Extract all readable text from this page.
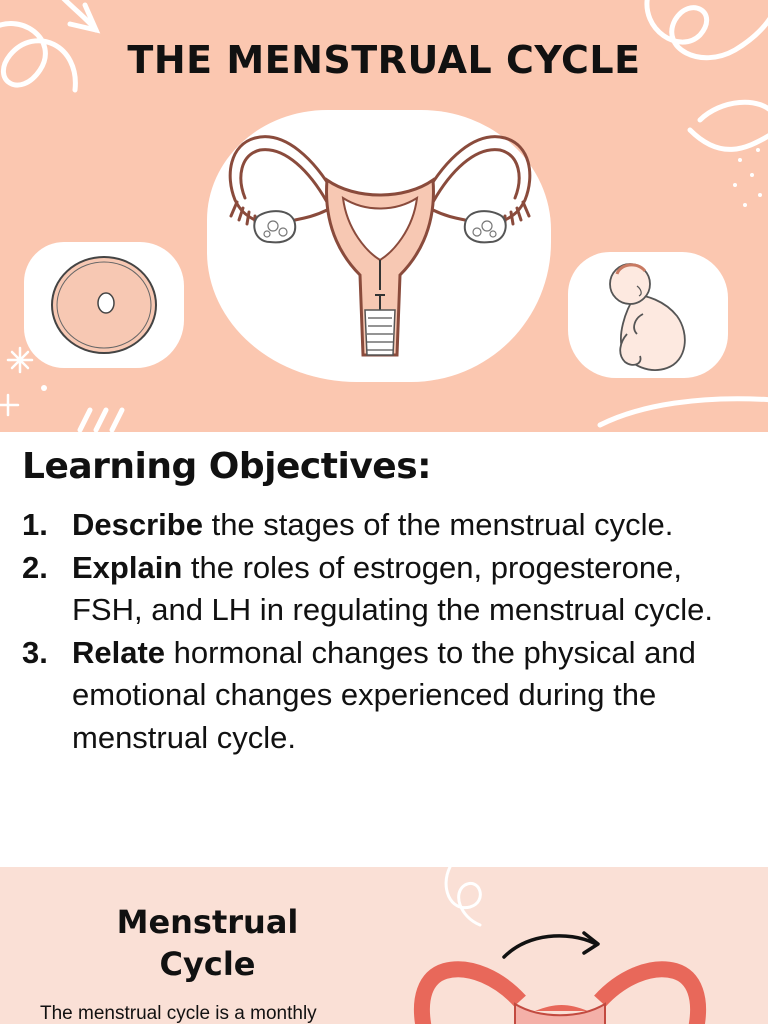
THE MENSTRUAL CYCLE
Learning Objectives:
1. Describe the stages of the menstrual cycle.
2. Explain the roles of estrogen, progesterone, FSH, and LH in regulating the menstrual cycle.
3. Relate hormonal changes to the physical and emotional changes experienced during the menstrual cycle.
Menstrual
Cycle

The menstrual cycle is a monthly
